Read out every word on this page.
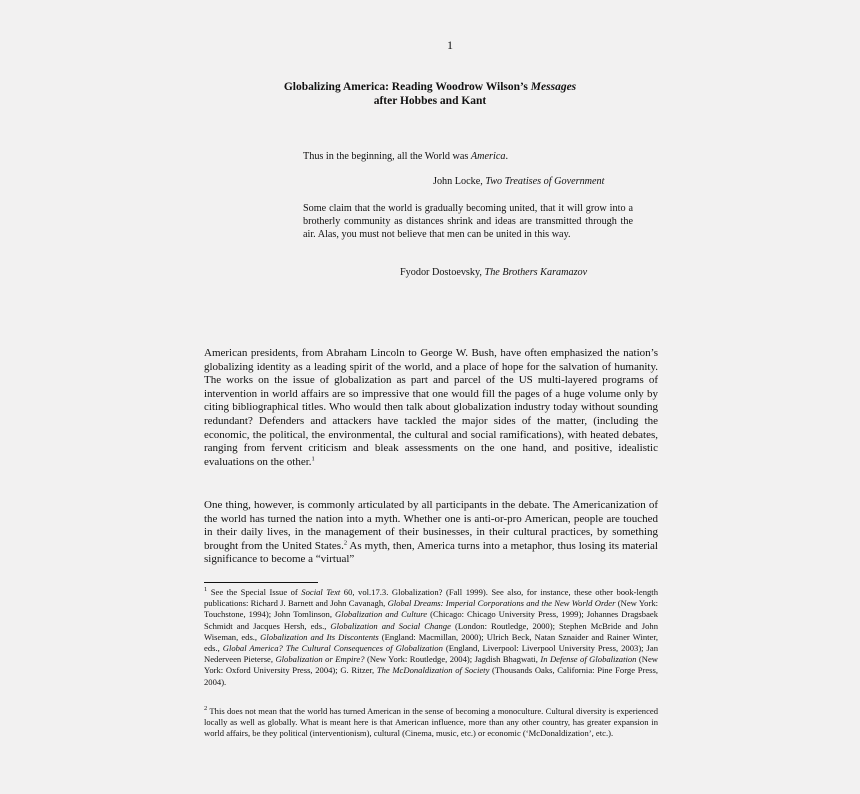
1
Globalizing America: Reading Woodrow Wilson’s Messages
after Hobbes and Kant
Thus in the beginning, all the World was America.
John Locke, Two Treatises of Government
Some claim that the world is gradually becoming united, that it will grow into a brotherly community as distances shrink and ideas are transmitted through the air. Alas, you must not believe that men can be united in this way.
Fyodor Dostoevsky, The Brothers Karamazov
American presidents, from Abraham Lincoln to George W. Bush, have often emphasized the nation’s globalizing identity as a leading spirit of the world, and a place of hope for the salvation of humanity. The works on the issue of globalization as part and parcel of the US multi-layered programs of intervention in world affairs are so impressive that one would fill the pages of a huge volume only by citing bibliographical titles. Who would then talk about globalization industry today without sounding redundant? Defenders and attackers have tackled the major sides of the matter, (including the economic, the political, the environmental, the cultural and social ramifications), with heated debates, ranging from fervent criticism and bleak assessments on the one hand, and positive, idealistic evaluations on the other.$^1$
One thing, however, is commonly articulated by all participants in the debate. The Americanization of the world has turned the nation into a myth. Whether one is anti-or-pro American, people are touched in their daily lives, in the management of their businesses, in their cultural practices, by something brought from the United States.$^2$ As myth, then, America turns into a metaphor, thus losing its material significance to become a “virtual”
$^1$ See the Special Issue of Social Text 60, vol.17.3. Globalization? (Fall 1999). See also, for instance, these other book-length publications: Richard J. Barnett and John Cavanagh, Global Dreams: Imperial Corporations and the New World Order (New York: Touchstone, 1994); John Tomlinson, Globalization and Culture (Chicago: Chicago University Press, 1999); Johannes Dragsbaek Schmidt and Jacques Hersh, eds., Globalization and Social Change (London: Routledge, 2000); Stephen McBride and John Wiseman, eds., Globalization and Its Discontents (England: Macmillan, 2000); Ulrich Beck, Natan Sznaider and Rainer Winter, eds., Global America? The Cultural Consequences of Globalization (England, Liverpool: Liverpool University Press, 2003); Jan Nederveen Pieterse, Globalization or Empire? (New York: Routledge, 2004); Jagdish Bhagwati, In Defense of Globalization (New York: Oxford University Press, 2004); G. Ritzer, The McDonaldization of Society (Thousands Oaks, California: Pine Forge Press, 2004).
$^2$ This does not mean that the world has turned American in the sense of becoming a monoculture. Cultural diversity is experienced locally as well as globally. What is meant here is that American influence, more than any other country, has greater expansion in world affairs, be they political (interventionism), cultural (Cinema, music, etc.) or economic (‘McDonaldization’, etc.).
